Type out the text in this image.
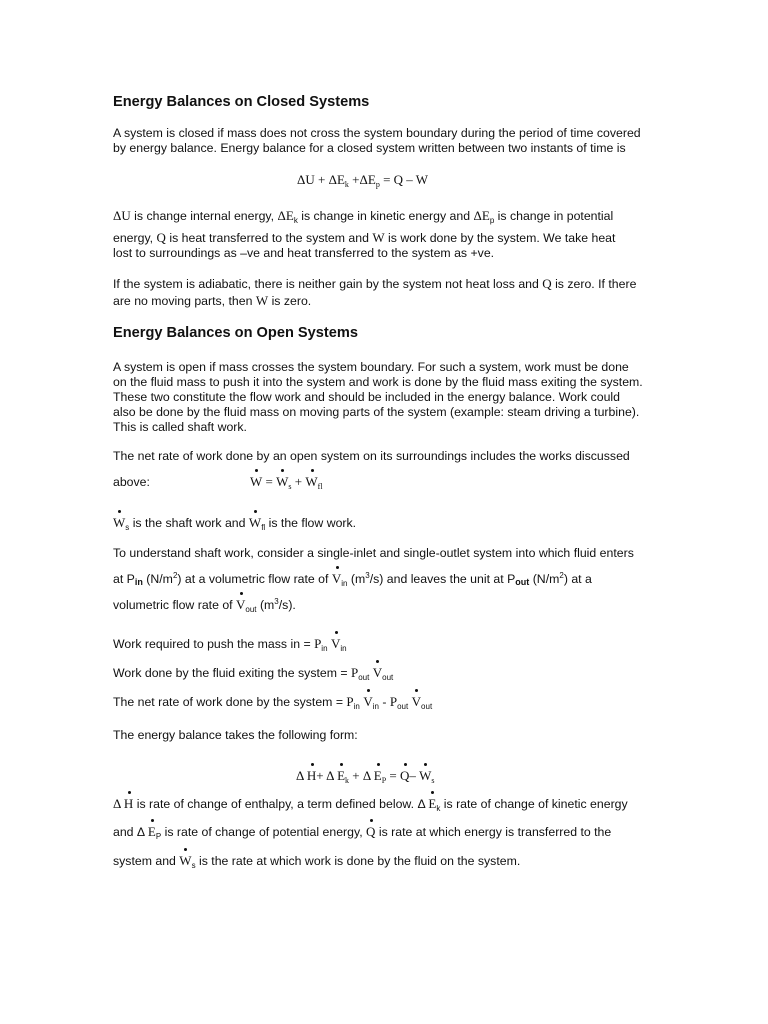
Energy Balances on Closed Systems
A system is closed if mass does not cross the system boundary during the period of time covered
by energy balance. Energy balance for a closed system written between two instants of time is
$\Delta U + \Delta E_k +\Delta E_p = Q - W$
ΔU is change internal energy, $\Delta E_k$ is change in kinetic energy and $\Delta E_p$ is change in potential
energy, Q is heat transferred to the system and W is work done by the system. We take heat
lost to surroundings as –ve and heat transferred to the system as +ve.
If the system is adiabatic, there is neither gain by the system not heat loss and Q is zero. If there
are no moving parts, then W is zero.
Energy Balances on Open Systems
A system is open if mass crosses the system boundary. For such a system, work must be done
on the fluid mass to push it into the system and work is done by the fluid mass exiting the system.
These two constitute the flow work and should be included in the energy balance. Work could
also be done by the fluid mass on moving parts of the system (example: steam driving a turbine).
This is called shaft work.
The net rate of work done by an open system on its surroundings includes the works discussed
above:	$W = W_s + W_{fl}$
$W_s$ is the shaft work and $W_{fl}$ is the flow work.
To understand shaft work, consider a single-inlet and single-outlet system into which fluid enters
at Pin $(N/m^2)$ at a volumetric flow rate of $V_{in}$ $(m^3/s)$ and leaves the unit at Pout $(N/m^2)$ at a
volumetric flow rate of $V_{out}$ $(m^3/s)$.
Work required to push the mass in = $P_{in}$ $V_{in}$
Work done by the fluid exiting the system = $P_{out}$ $V_{out}$
The net rate of work done by the system = $P_{in}$ $V_{in} - P_{out}$ $V_{out}$
The energy balance takes the following form:
Δ H+ Δ $E_k + \Delta$ $E_P = Q-$ $W_s$
Δ H is rate of change of enthalpy, a term defined below. Δ $E_k$ is rate of change of kinetic energy
and Δ $E_P$ is rate of change of potential energy, Q is rate at which energy is transferred to the
system and $W_s$ is the rate at which work is done by the fluid on the system.
